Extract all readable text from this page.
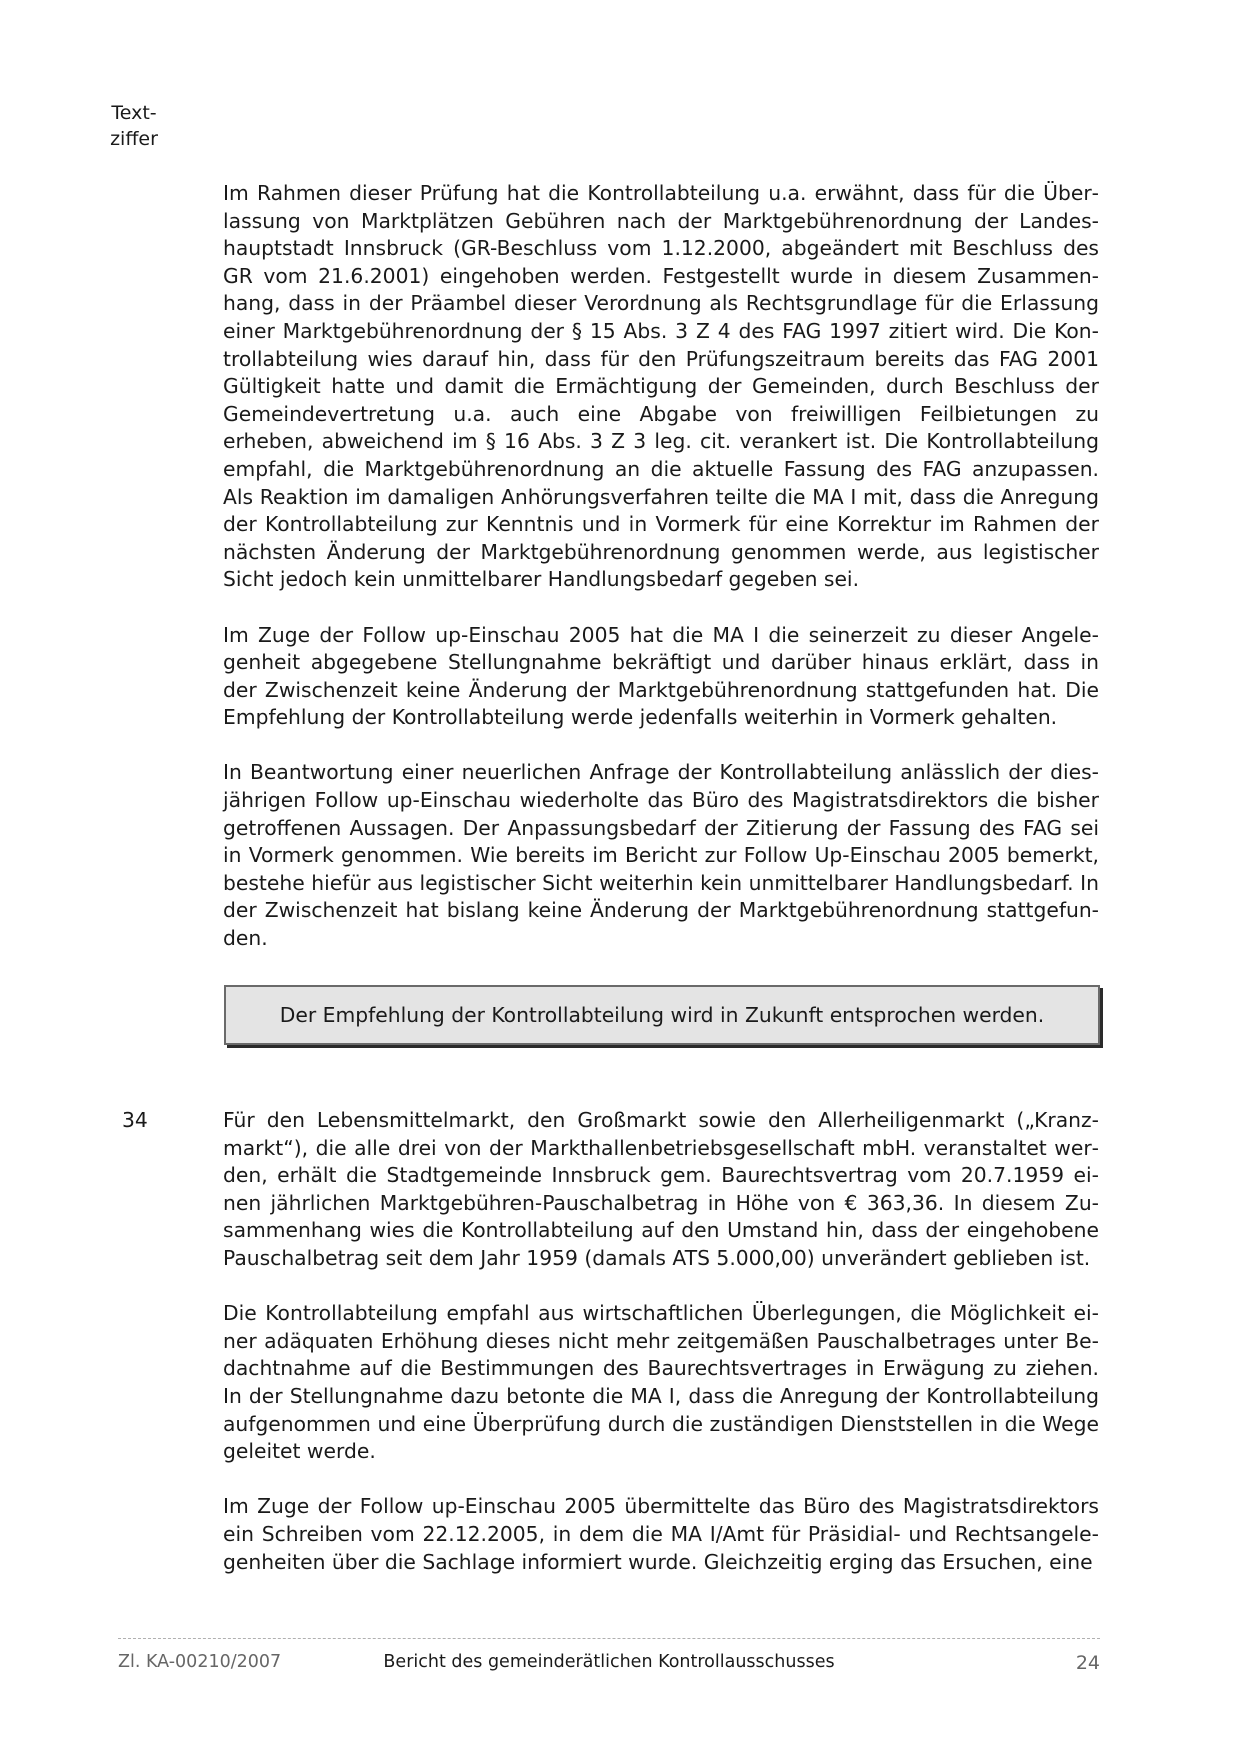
Text-
ziffer

Im Rahmen dieser Prüfung hat die Kontrollabteilung u.a. erwähnt, dass für die Überlassung von Marktplätzen Gebühren nach der Marktgebührenordnung der Landeshauptstadt Innsbruck (GR-Beschluss vom 1.12.2000, abgeändert mit Beschluss des GR vom 21.6.2001) eingehoben werden. Festgestellt wurde in diesem Zusammenhang, dass in der Präambel dieser Verordnung als Rechtsgrundlage für die Erlassung einer Marktgebührenordnung der § 15 Abs. 3 Z 4 des FAG 1997 zitiert wird. Die Kontrollabteilung wies darauf hin, dass für den Prüfungszeitraum bereits das FAG 2001 Gültigkeit hatte und damit die Ermächtigung der Gemeinden, durch Beschluss der Gemeindevertretung u.a. auch eine Abgabe von freiwilligen Feilbietungen zu erheben, abweichend im § 16 Abs. 3 Z 3 leg. cit. verankert ist. Die Kontrollabteilung empfahl, die Marktgebührenordnung an die aktuelle Fassung des FAG anzupassen. Als Reaktion im damaligen Anhörungsverfahren teilte die MA I mit, dass die Anregung der Kontrollabteilung zur Kenntnis und in Vormerk für eine Korrektur im Rahmen der nächsten Änderung der Marktgebührenordnung genommen werde, aus legistischer Sicht jedoch kein unmittelbarer Handlungsbedarf gegeben sei.

Im Zuge der Follow up-Einschau 2005 hat die MA I die seinerzeit zu dieser Angelegenheit abgegebene Stellungnahme bekräftigt und darüber hinaus erklärt, dass in der Zwischenzeit keine Änderung der Marktgebührenordnung stattgefunden hat. Die Empfehlung der Kontrollabteilung werde jedenfalls weiterhin in Vormerk gehalten.

In Beantwortung einer neuerlichen Anfrage der Kontrollabteilung anlässlich der diesjährigen Follow up-Einschau wiederholte das Büro des Magistratsdirektors die bisher getroffenen Aussagen. Der Anpassungsbedarf der Zitierung der Fassung des FAG sei in Vormerk genommen. Wie bereits im Bericht zur Follow Up-Einschau 2005 bemerkt, bestehe hiefür aus legistischer Sicht weiterhin kein unmittelbarer Handlungsbedarf. In der Zwischenzeit hat bislang keine Änderung der Marktgebührenordnung stattgefunden.

Der Empfehlung der Kontrollabteilung wird in Zukunft entsprochen werden.
34	Für den Lebensmittelmarkt, den Großmarkt sowie den Allerheiligenmarkt („Kranzmarkt“), die alle drei von der Markthallenbetriebsgesellschaft mbH. veranstaltet werden, erhält die Stadtgemeinde Innsbruck gem. Baurechtsvertrag vom 20.7.1959 einen jährlichen Marktgebühren-Pauschalbetrag in Höhe von € 363,36. In diesem Zusammenhang wies die Kontrollabteilung auf den Umstand hin, dass der eingehobene Pauschalbetrag seit dem Jahr 1959 (damals ATS 5.000,00) unverändert geblieben ist.

Die Kontrollabteilung empfahl aus wirtschaftlichen Überlegungen, die Möglichkeit einer adäquaten Erhöhung dieses nicht mehr zeitgemäßen Pauschalbetrages unter Bedachtnahme auf die Bestimmungen des Baurechtsvertrages in Erwägung zu ziehen. In der Stellungnahme dazu betonte die MA I, dass die Anregung der Kontrollabteilung aufgenommen und eine Überprüfung durch die zuständigen Dienststellen in die Wege geleitet werde.

Im Zuge der Follow up-Einschau 2005 übermittelte das Büro des Magistratsdirektors ein Schreiben vom 22.12.2005, in dem die MA I/Amt für Präsidial- und Rechtsangelegenheiten über die Sachlage informiert wurde. Gleichzeitig erging das Ersuchen, eine

Zl. KA-00210/2007	Bericht des gemeinderätlichen Kontrollausschusses	24
